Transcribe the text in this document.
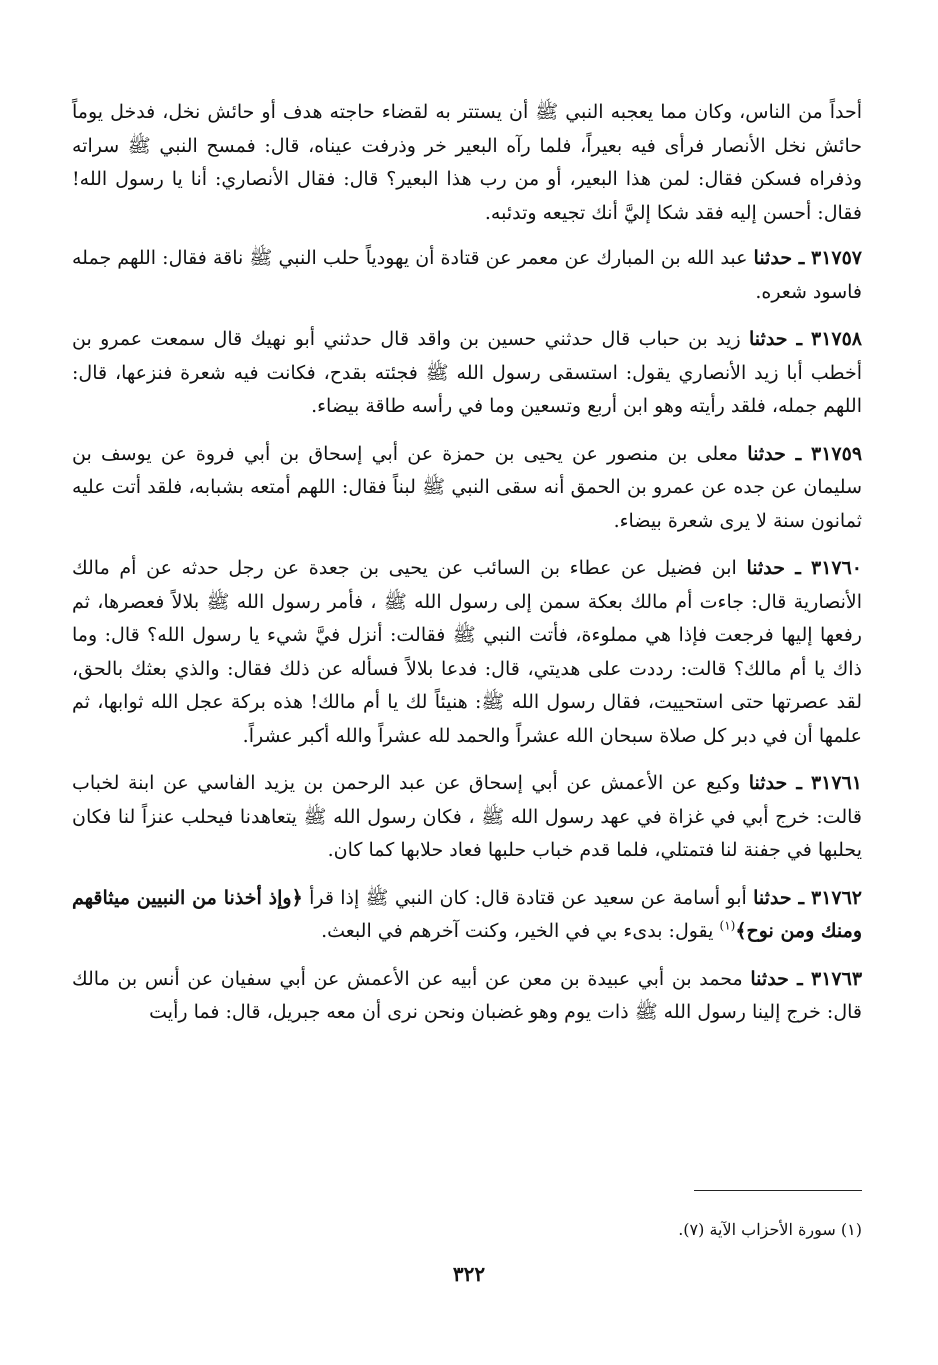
أحداً من الناس، وكان مما يعجبه النبي ﷺ أن يستتر به لقضاء حاجته هدف أو حائش نخل، فدخل يوماً حائش نخل الأنصار فرأى فيه بعيراً، فلما رآه البعير خر وذرفت عيناه، قال: فمسح النبي ﷺ سراته وذفراه فسكن فقال: لمن هذا البعير، أو من رب هذا البعير؟ قال: فقال الأنصاري: أنا يا رسول الله! فقال: أحسن إليه فقد شكا إليَّ أنك تجيعه وتدئبه.

٣١٧٥٧ ـ حدثنا عبد الله بن المبارك عن معمر عن قتادة أن يهودياً حلب النبي ﷺ ناقة فقال: اللهم جمله فاسود شعره.

٣١٧٥٨ ـ حدثنا زيد بن حباب قال حدثني حسين بن واقد قال حدثني أبو نهيك قال سمعت عمرو بن أخطب أبا زيد الأنصاري يقول: استسقى رسول الله ﷺ فجئته بقدح، فكانت فيه شعرة فنزعها، قال: اللهم جمله، فلقد رأيته وهو ابن أربع وتسعين وما في رأسه طاقة بيضاء.

٣١٧٥٩ ـ حدثنا معلى بن منصور عن يحيى بن حمزة عن أبي إسحاق بن أبي فروة عن يوسف بن سليمان عن جده عن عمرو بن الحمق أنه سقى النبي ﷺ لبناً فقال: اللهم أمتعه بشبابه، فلقد أتت عليه ثمانون سنة لا يرى شعرة بيضاء.

٣١٧٦٠ ـ حدثنا ابن فضيل عن عطاء بن السائب عن يحيى بن جعدة عن رجل حدثه عن أم مالك الأنصارية قال: جاءت أم مالك بعكة سمن إلى رسول الله ﷺ ، فأمر رسول الله ﷺ بلالاً فعصرها، ثم رفعها إليها فرجعت فإذا هي مملوءة، فأتت النبي ﷺ فقالت: أنزل فيَّ شيء يا رسول الله؟ قال: وما ذاك يا أم مالك؟ قالت: رددت على هديتي، قال: فدعا بلالاً فسأله عن ذلك فقال: والذي بعثك بالحق، لقد عصرتها حتى استحييت، فقال رسول الله ﷺ: هنيئاً لك يا أم مالك! هذه بركة عجل الله ثوابها، ثم علمها أن في دبر كل صلاة سبحان الله عشراً والحمد لله عشراً والله أكبر عشراً.

٣١٧٦١ ـ حدثنا وكيع عن الأعمش عن أبي إسحاق عن عبد الرحمن بن يزيد الفاسي عن ابنة لخباب قالت: خرج أبي في غزاة في عهد رسول الله ﷺ ، فكان رسول الله ﷺ يتعاهدنا فيحلب عنزاً لنا فكان يحلبها في جفنة لنا فتمتلي، فلما قدم خباب حلبها فعاد حلابها كما كان.

٣١٧٦٢ ـ حدثنا أبو أسامة عن سعيد عن قتادة قال: كان النبي ﷺ إذا قرأ ﴿وإذ أخذنا من النبيين ميثاقهم ومنك ومن نوح﴾$^{(١)}$ يقول: بدىء بي في الخير، وكنت آخرهم في البعث.

٣١٧٦٣ ـ حدثنا محمد بن أبي عبيدة بن معن عن أبيه عن الأعمش عن أبي سفيان عن أنس بن مالك قال: خرج إلينا رسول الله ﷺ ذات يوم وهو غضبان ونحن نرى أن معه جبريل، قال: فما رأيت

(١) سورة الأحزاب الآية (٧).
٣٢٢
